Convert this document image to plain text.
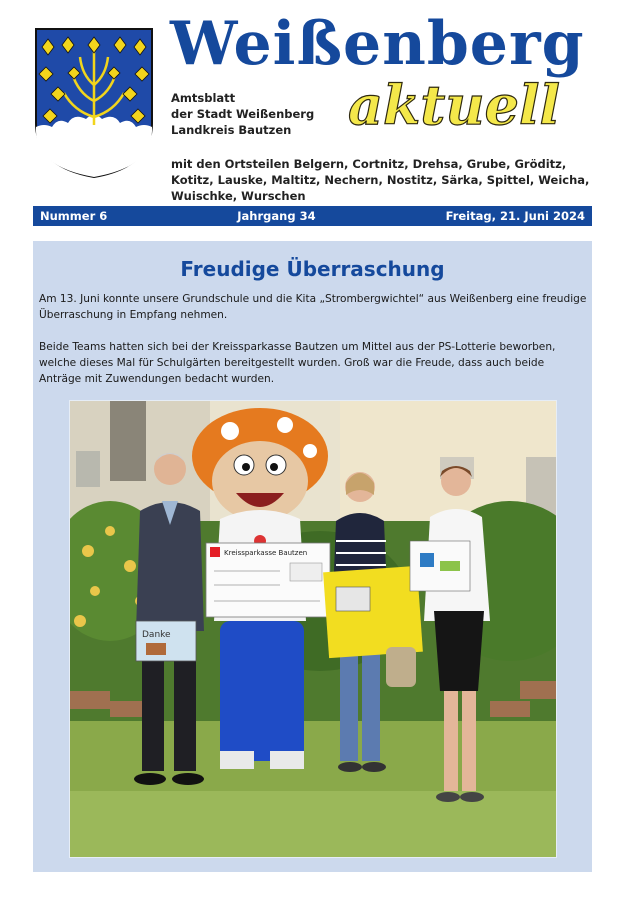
Weißenberg
aktuell
Amtsblatt
der Stadt Weißenberg
Landkreis Bautzen
mit den Ortsteilen Belgern, Cortnitz, Drehsa, Grube, Gröditz, Kotitz, Lauske, Maltitz, Nechern, Nostitz, Särka, Spittel, Weicha, Wuischke, Wurschen
Nummer 6	Jahrgang 34	Freitag, 21. Juni 2024
Freudige Überraschung
Am 13. Juni konnte unsere Grundschule und die Kita „Strombergwichtel“ aus Weißenberg eine freudige Überraschung in Empfang nehmen.
Beide Teams hatten sich bei der Kreissparkasse Bautzen um Mittel aus der PS-Lotterie beworben, welche dieses Mal für Schulgärten bereitgestellt wurden. Groß war die Freude, dass auch beide Anträge mit Zuwendungen bedacht wurden.
Danke
Kreissparkasse Bautzen
